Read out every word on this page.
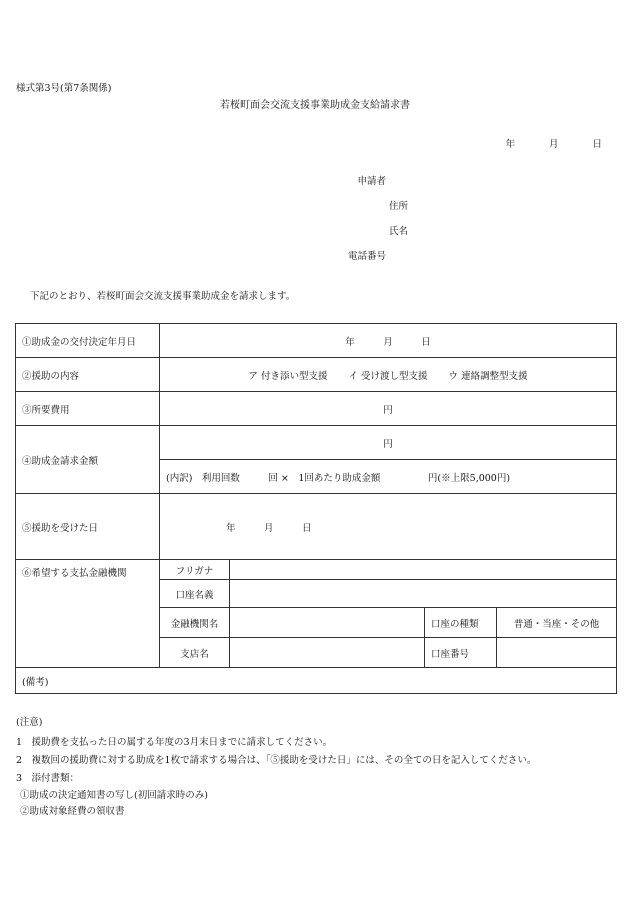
様式第3号(第7条関係)
若桜町面会交流支援事業助成金支給請求書
年	月	日
申請者
住所
氏名
電話番号
下記のとおり、若桜町面会交流支援事業助成金を請求します。
①助成金の交付決定年月日	年　　　月　　　日			
②援助の内容	ア 付き添い型支援 イ 受け渡し型支援 ウ 連絡調整型支援			
③所要費用	円			
④助成金請求金額	円			
	(内訳)　利用回数　　　回 ×　1回あたり助成金額　　　　　円(※上限5,000円)			
⑤援助を受けた日	年　　　月　　　日			
⑥希望する支払金融機関	フリガナ			
	口座名義			
	金融機関名		口座の種類	普通・当座・その他
	支店名		口座番号	
(備考)				
(注意)
1　援助費を支払った日の属する年度の3月末日までに請求してください。
2　複数回の援助費に対する助成を1枚で請求する場合は、「⑤援助を受けた日」には、その全ての日を記入してください。
3　添付書類：
①助成の決定通知書の写し(初回請求時のみ)
②助成対象経費の領収書
